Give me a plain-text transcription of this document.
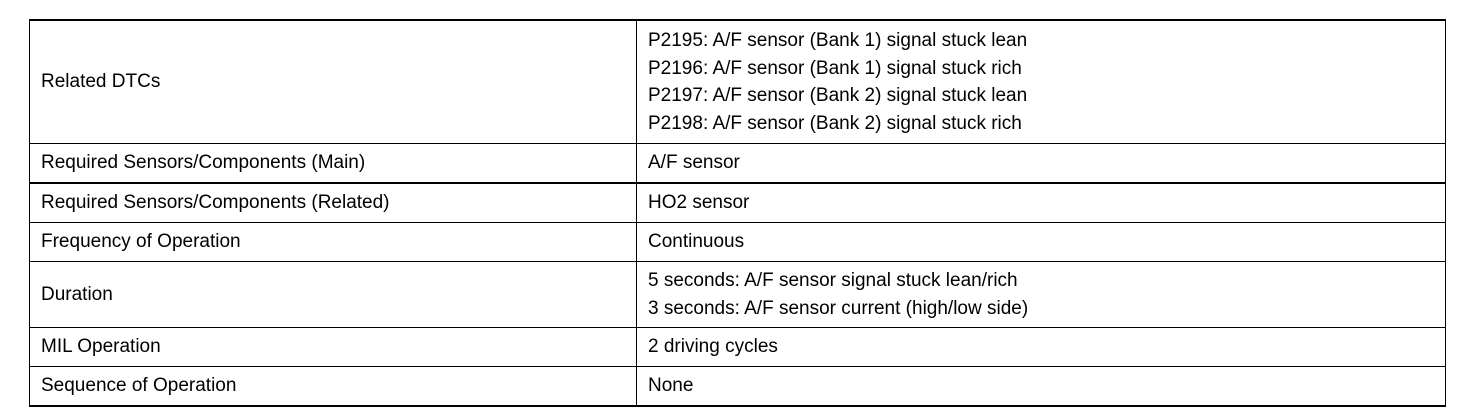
Related DTCs	P2195: A/F sensor (Bank 1) signal stuck lean
P2196: A/F sensor (Bank 1) signal stuck rich
P2197: A/F sensor (Bank 2) signal stuck lean
P2198: A/F sensor (Bank 2) signal stuck rich

Required Sensors/Components (Main)	A/F sensor

Required Sensors/Components (Related)	HO2 sensor

Frequency of Operation	Continuous

Duration	5 seconds: A/F sensor signal stuck lean/rich
3 seconds: A/F sensor current (high/low side)

MIL Operation	2 driving cycles

Sequence of Operation	None
